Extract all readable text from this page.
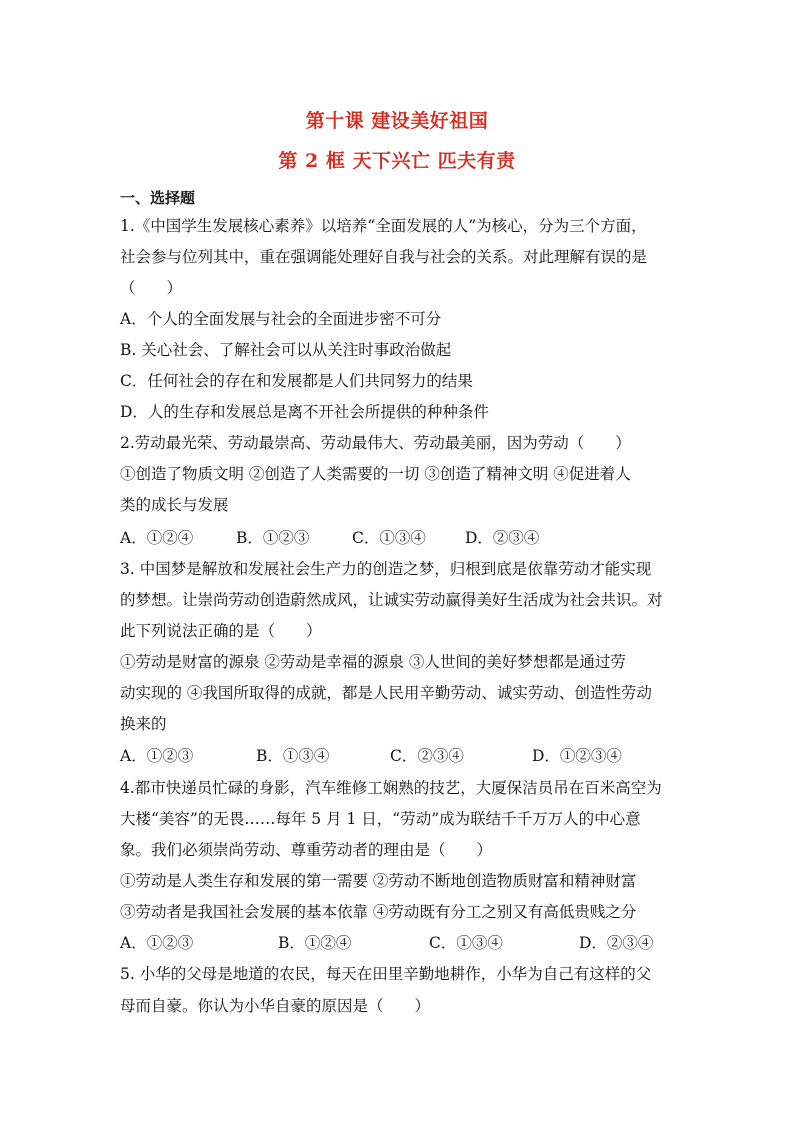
第十课 建设美好祖国
第 2 框 天下兴亡 匹夫有责
一、选择题
1.《中国学生发展核心素养》以培养“全面发展的人”为核心，分为三个方面，
社会参与位列其中，重在强调能处理好自我与社会的关系。对此理解有误的是
（　　）
A．个人的全面发展与社会的全面进步密不可分
B. 关心社会、了解社会可以从关注时事政治做起
C．任何社会的存在和发展都是人们共同努力的结果
D．人的生存和发展总是离不开社会所提供的种种条件
2.劳动最光荣、劳动最崇高、劳动最伟大、劳动最美丽，因为劳动（　　）
①创造了物质文明 ②创造了人类需要的一切 ③创造了精神文明 ④促进着人
类的成长与发展
A．①②④	B．①②③	C．①③④	D．②③④
3. 中国梦是解放和发展社会生产力的创造之梦，归根到底是依靠劳动才能实现
的梦想。让崇尚劳动创造蔚然成风，让诚实劳动赢得美好生活成为社会共识。对
此下列说法正确的是（　　）
①劳动是财富的源泉 ②劳动是幸福的源泉 ③人世间的美好梦想都是通过劳
动实现的 ④我国所取得的成就，都是人民用辛勤劳动、诚实劳动、创造性劳动
换来的
A．①②③	B．①③④	C．②③④	D．①②③④
4.都市快递员忙碌的身影，汽车维修工娴熟的技艺，大厦保洁员吊在百米高空为
大楼“美容”的无畏……每年 5 月 1 日，“劳动”成为联结千千万万人的中心意
象。我们必须崇尚劳动、尊重劳动者的理由是（　　）
①劳动是人类生存和发展的第一需要 ②劳动不断地创造物质财富和精神财富
③劳动者是我国社会发展的基本依靠 ④劳动既有分工之别又有高低贵贱之分
A．①②③	B．①②④	C．①③④	D．②③④
5. 小华的父母是地道的农民，每天在田里辛勤地耕作，小华为自己有这样的父
母而自豪。你认为小华自豪的原因是（　　）
